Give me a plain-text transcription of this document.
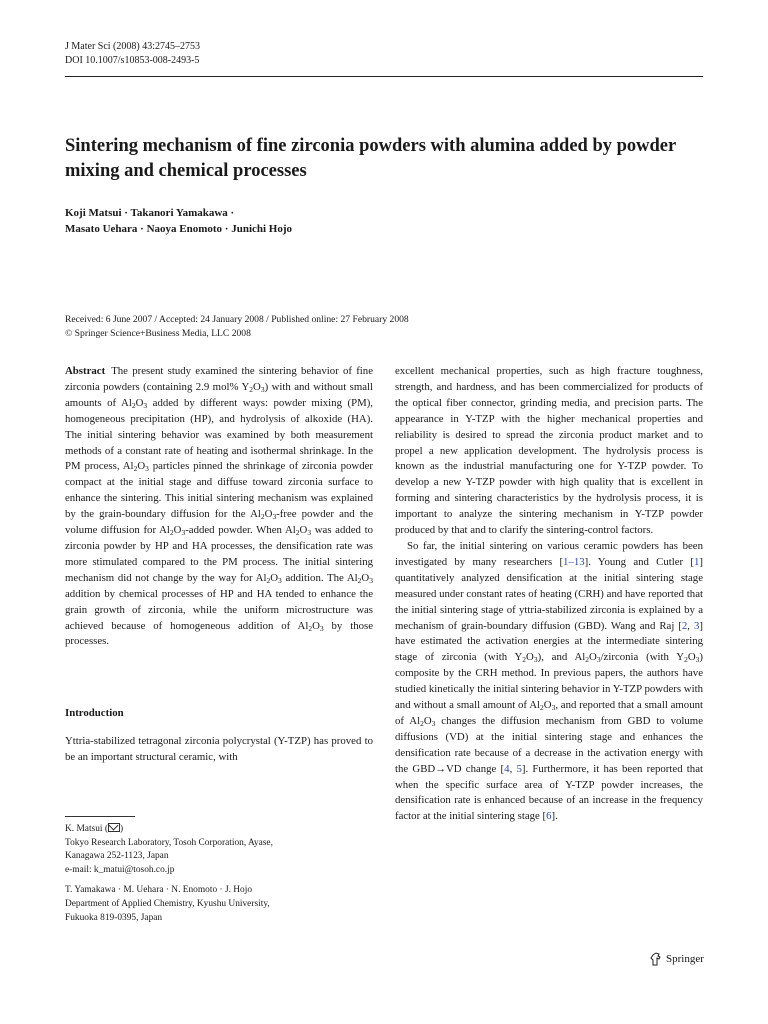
J Mater Sci (2008) 43:2745–2753
DOI 10.1007/s10853-008-2493-5
Sintering mechanism of fine zirconia powders with alumina added by powder mixing and chemical processes
Koji Matsui · Takanori Yamakawa ·
Masato Uehara · Naoya Enomoto · Junichi Hojo
Received: 6 June 2007 / Accepted: 24 January 2008 / Published online: 27 February 2008
© Springer Science+Business Media, LLC 2008

Abstract The present study examined the sintering behavior of fine zirconia powders (containing 2.9 mol% $Y_2O_3$) with and without small amounts of $Al_2O_3$ added by different ways: powder mixing (PM), homogeneous precipitation (HP), and hydrolysis of alkoxide (HA). The initial sintering behavior was examined by both measurement methods of a constant rate of heating and isothermal shrinkage. In the PM process, $Al_2O_3$ particles pinned the shrinkage of zirconia powder compact at the initial stage and diffuse toward zirconia surface to enhance the sintering. This initial sintering mechanism was explained by the grain-boundary diffusion for the $Al_2O_3$-free powder and the volume diffusion for $Al_2O_3$-added powder. When $Al_2O_3$ was added to zirconia powder by HP and HA processes, the densification rate was more stimulated compared to the PM process. The initial sintering mechanism did not change by the way for $Al_2O_3$ addition. The $Al_2O_3$ addition by chemical processes of HP and HA tended to enhance the grain growth of zirconia, while the uniform microstructure was achieved because of homogeneous addition of $Al_2O_3$ by those processes.

Introduction

Yttria-stabilized tetragonal zirconia polycrystal (Y-TZP) has proved to be an important structural ceramic, with

excellent mechanical properties, such as high fracture toughness, strength, and hardness, and has been commercialized for products of the optical fiber connector, grinding media, and precision parts. The appearance in Y-TZP with the higher mechanical properties and reliability is desired to spread the zirconia product market and to propel a new application development. The hydrolysis process is known as the industrial manufacturing one for Y-TZP powder. To develop a new Y-TZP powder with high quality that is excellent in forming and sintering characteristics by the hydrolysis process, it is important to analyze the sintering mechanism in Y-TZP powder produced by that and to clarify the sintering-control factors.

So far, the initial sintering on various ceramic powders has been investigated by many researchers [1–13]. Young and Cutler [1] quantitatively analyzed densification at the initial sintering stage measured under constant rates of heating (CRH) and have reported that the initial sintering stage of yttria-stabilized zirconia is explained by a mechanism of grain-boundary diffusion (GBD). Wang and Raj [2, 3] have estimated the activation energies at the intermediate sintering stage of zirconia (with $Y_2O_3$), and $Al_2O_3$/zirconia (with $Y_2O_3$) composite by the CRH method. In previous papers, the authors have studied kinetically the initial sintering behavior in Y-TZP powders with and without a small amount of $Al_2O_3$, and reported that a small amount of $Al_2O_3$ changes the diffusion mechanism from GBD to volume diffusions (VD) at the initial sintering stage and enhances the densification rate because of a decrease in the activation energy with the GBD→VD change [4, 5]. Furthermore, it has been reported that when the specific surface area of Y-TZP powder increases, the densification rate is enhanced because of an increase in the frequency factor at the initial sintering stage [6].

K. Matsui ( )
Tokyo Research Laboratory, Tosoh Corporation, Ayase,
Kanagawa 252-1123, Japan
e-mail: k_matui@tosoh.co.jp

T. Yamakawa · M. Uehara · N. Enomoto · J. Hojo
Department of Applied Chemistry, Kyushu University,
Fukuoka 819-0395, Japan

Springer
